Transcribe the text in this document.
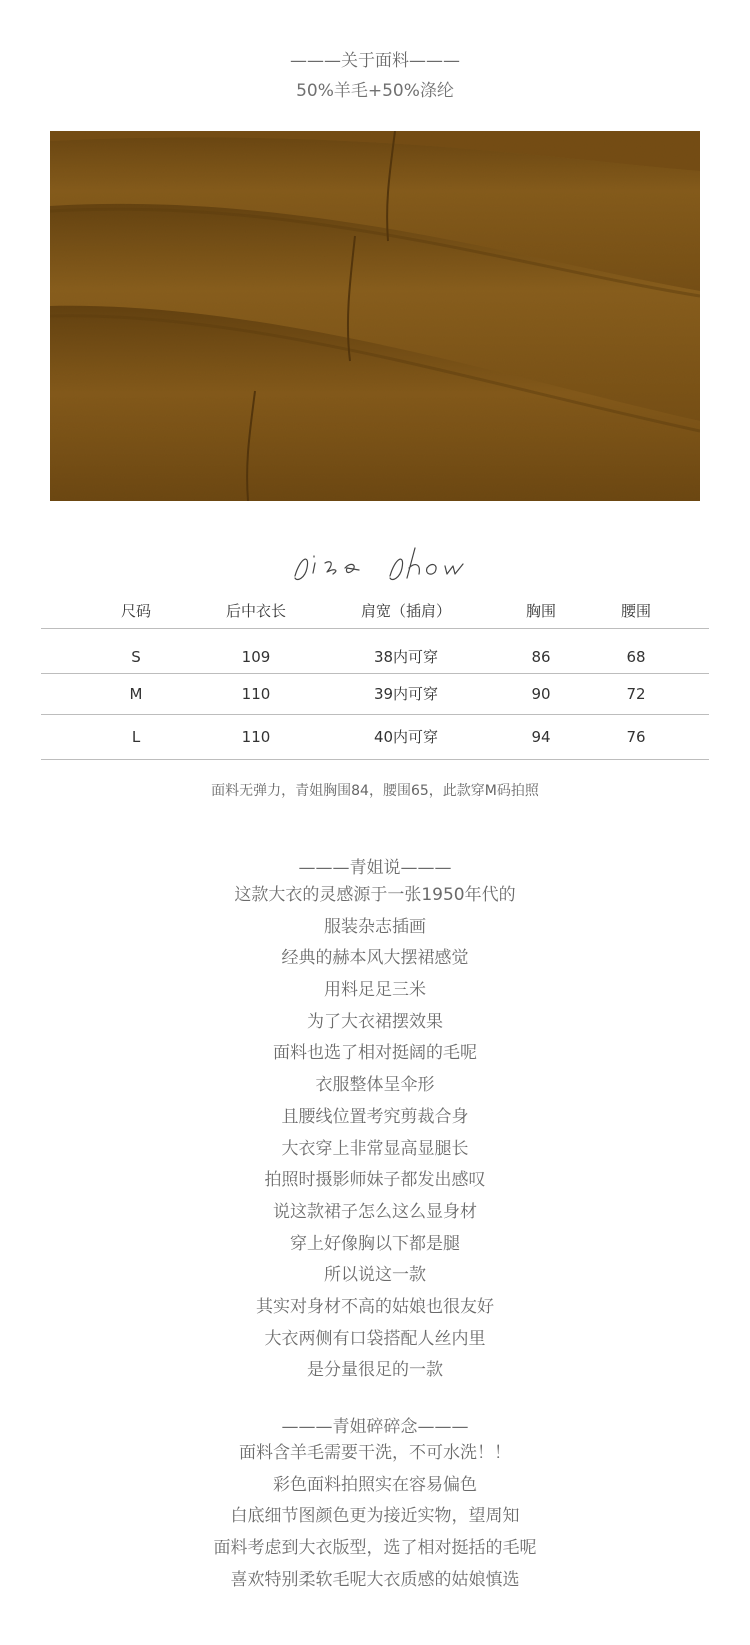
———关于面料———
50%羊毛+50%涤纶
尺码	后中衣长	肩宽（插肩）	胸围	腰围
S	109	38内可穿	86	68
M	110	39内可穿	90	72
L	110	40内可穿	94	76
面料无弹力，青姐胸围84，腰围65，此款穿M码拍照
———青姐说———
这款大衣的灵感源于一张1950年代的
服装杂志插画
经典的赫本风大摆裙感觉
用料足足三米
为了大衣裙摆效果
面料也选了相对挺阔的毛呢
衣服整体呈伞形
且腰线位置考究剪裁合身
大衣穿上非常显高显腿长
拍照时摄影师妹子都发出感叹
说这款裙子怎么这么显身材
穿上好像胸以下都是腿
所以说这一款
其实对身材不高的姑娘也很友好
大衣两侧有口袋搭配人丝内里
是分量很足的一款
———青姐碎碎念———
面料含羊毛需要干洗，不可水洗！！
彩色面料拍照实在容易偏色
白底细节图颜色更为接近实物，望周知
面料考虑到大衣版型，选了相对挺括的毛呢
喜欢特别柔软毛呢大衣质感的姑娘慎选
